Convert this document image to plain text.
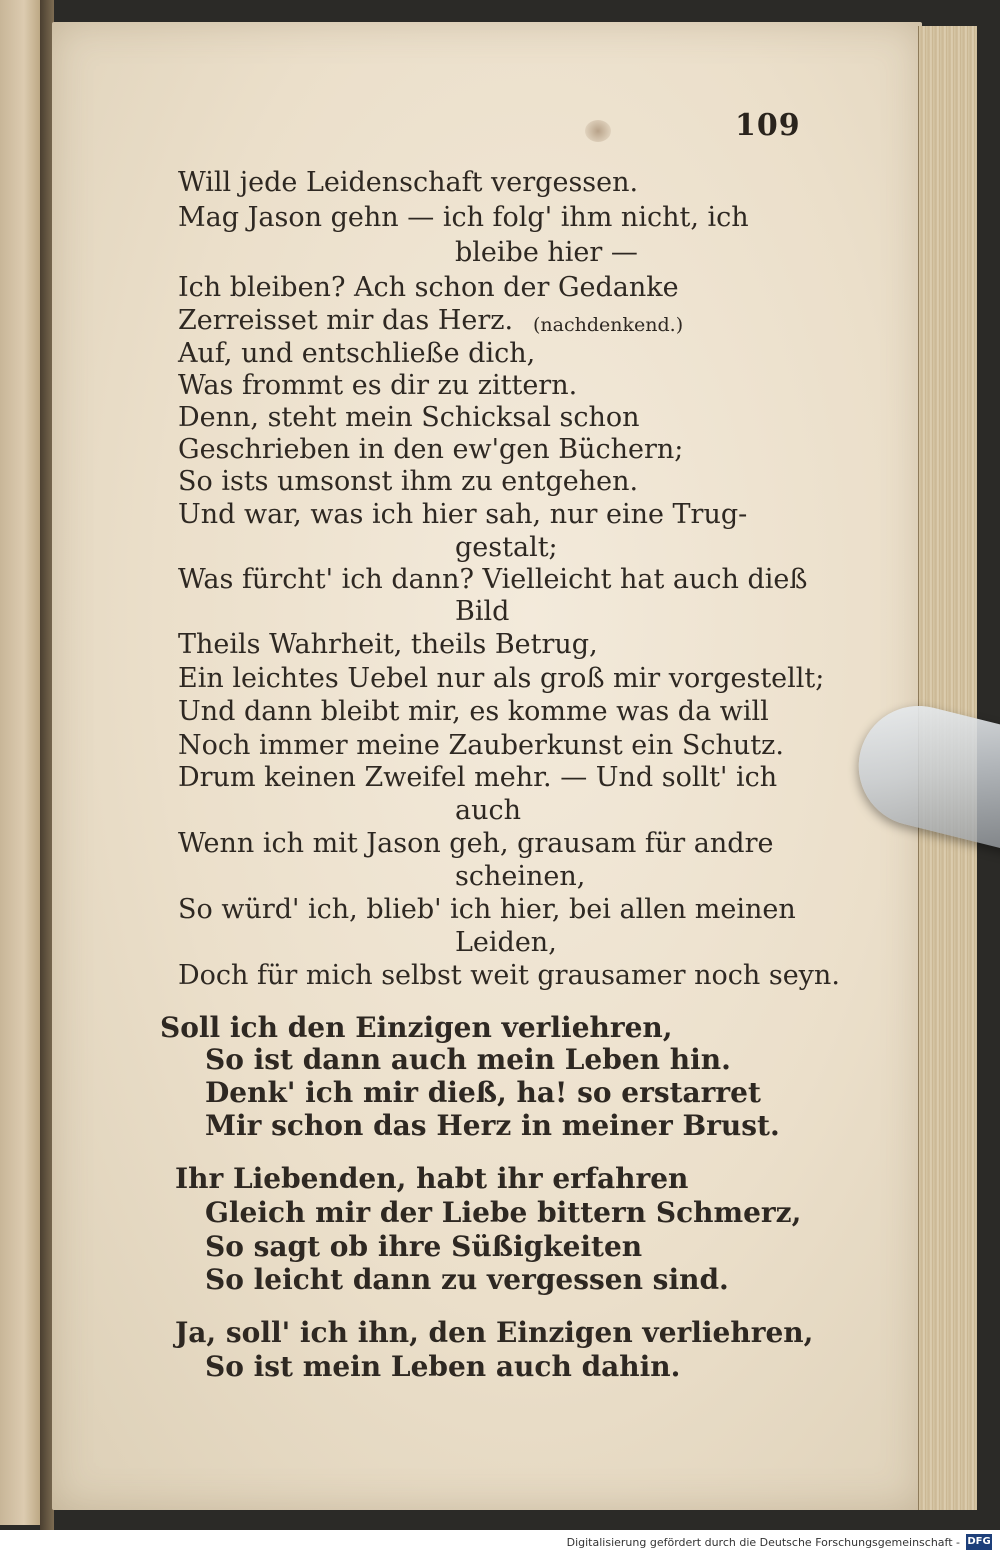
109
Will jede Leidenschaft vergessen.
Mag Jason gehn — ich folg' ihm nicht, ich
bleibe hier —
Ich bleiben? Ach schon der Gedanke
Zerreisset mir das Herz. (nachdenkend.)
Auf, und entschließe dich,
Was frommt es dir zu zittern.
Denn, steht mein Schicksal schon
Geschrieben in den ew'gen Büchern;
So ists umsonst ihm zu entgehen.
Und war, was ich hier sah, nur eine Trug-
gestalt;
Was fürcht' ich dann? Vielleicht hat auch dieß
Bild
Theils Wahrheit, theils Betrug,
Ein leichtes Uebel nur als groß mir vorgestellt;
Und dann bleibt mir, es komme was da will
Noch immer meine Zauberkunst ein Schutz.
Drum keinen Zweifel mehr. — Und sollt' ich
auch
Wenn ich mit Jason geh, grausam für andre
scheinen,
So würd' ich, blieb' ich hier, bei allen meinen
Leiden,
Doch für mich selbst weit grausamer noch seyn.
Soll ich den Einzigen verliehren,
So ist dann auch mein Leben hin.
Denk' ich mir dieß, ha! so erstarret
Mir schon das Herz in meiner Brust.
Ihr Liebenden, habt ihr erfahren
Gleich mir der Liebe bittern Schmerz,
So sagt ob ihre Süßigkeiten
So leicht dann zu vergessen sind.
Ja, soll' ich ihn, den Einzigen verliehren,
So ist mein Leben auch dahin.
Digitalisierung gefördert durch die Deutsche Forschungsgemeinschaft - DFG
